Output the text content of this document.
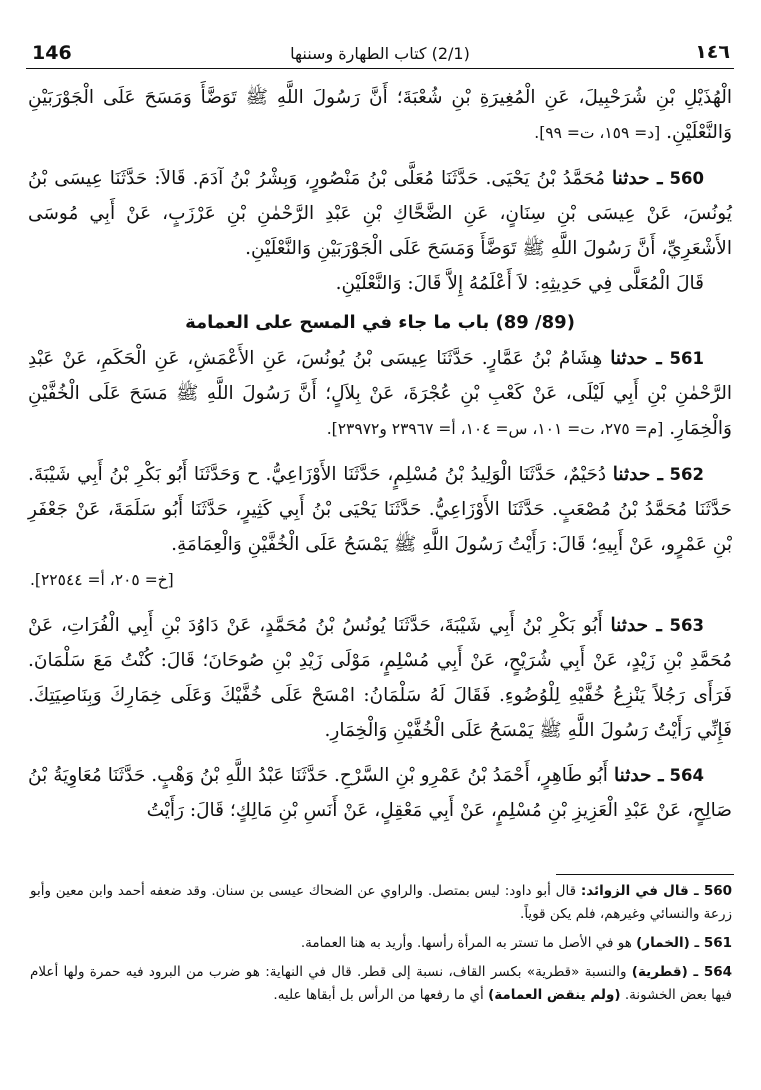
146	(2/1) كتاب الطهارة وسننها	١٤٦

الْهُذَيْلِ بْنِ شُرَحْبِيلَ، عَنِ الْمُغِيرَةِ بْنِ شُعْبَةَ؛ أَنَّ رَسُولَ اللَّهِ ﷺ تَوَضَّأَ وَمَسَحَ عَلَى الْجَوْرَبَيْنِ وَالنَّعْلَيْنِ. [د= ١٥٩، ت= ٩٩].

560 ـ حدثنا مُحَمَّدُ بْنُ يَحْيَى. حَدَّثَنَا مُعَلَّى بْنُ مَنْصُورٍ، وَبِشْرُ بْنُ آدَمَ. قَالاَ: حَدَّثَنَا عِيسَى بْنُ يُونُسَ، عَنْ عِيسَى بْنِ سِنَانٍ، عَنِ الضَّحَّاكِ بْنِ عَبْدِ الرَّحْمٰنِ بْنِ عَرْزَبٍ، عَنْ أَبِي مُوسَى الأَشْعَرِيِّ، أَنَّ رَسُولَ اللَّهِ ﷺ تَوَضَّأَ وَمَسَحَ عَلَى الْجَوْرَبَيْنِ وَالنَّعْلَيْنِ.

قَالَ الْمُعَلَّى فِي حَدِيثِهِ: لاَ أَعْلَمُهُ إِلاَّ قَالَ: وَالنَّعْلَيْنِ.

(89/ 89) باب ما جاء في المسح على العمامة

561 ـ حدثنا هِشَامُ بْنُ عَمَّارٍ. حَدَّثَنَا عِيسَى بْنُ يُونُسَ، عَنِ الأَعْمَشِ، عَنِ الْحَكَمِ، عَنْ عَبْدِ الرَّحْمٰنِ بْنِ أَبِي لَيْلَى، عَنْ كَعْبِ بْنِ عُجْرَةَ، عَنْ بِلاَلٍ؛ أَنَّ رَسُولَ اللَّهِ ﷺ مَسَحَ عَلَى الْخُفَّيْنِ وَالْخِمَارِ. [م= ٢٧٥، ت= ١٠١، س= ١٠٤، أ= ٢٣٩٦٧ و٢٣٩٧٢].

562 ـ حدثنا دُحَيْمٌ، حَدَّثَنَا الْوَلِيدُ بْنُ مُسْلِمٍ، حَدَّثَنَا الأَوْزَاعِيُّ. ح وَحَدَّثَنَا أَبُو بَكْرِ بْنُ أَبِي شَيْبَةَ. حَدَّثَنَا مُحَمَّدُ بْنُ مُصْعَبٍ. حَدَّثَنَا الأَوْزَاعِيُّ. حَدَّثَنَا يَحْيَى بْنُ أَبِي كَثِيرٍ، حَدَّثَنَا أَبُو سَلَمَةَ، عَنْ جَعْفَرِ بْنِ عَمْرٍو، عَنْ أَبِيهِ؛ قَالَ: رَأَيْتُ رَسُولَ اللَّهِ ﷺ يَمْسَحُ عَلَى الْخُفَّيْنِ وَالْعِمَامَةِ.

[خ= ٢٠٥، أ= ٢٢٥٤٤].

563 ـ حدثنا أَبُو بَكْرِ بْنُ أَبِي شَيْبَةَ، حَدَّثَنَا يُونُسُ بْنُ مُحَمَّدٍ، عَنْ دَاوُدَ بْنِ أَبِي الْفُرَاتِ، عَنْ مُحَمَّدِ بْنِ زَيْدٍ، عَنْ أَبِي شُرَيْحٍ، عَنْ أَبِي مُسْلِمٍ، مَوْلَى زَيْدِ بْنِ صُوحَانَ؛ قَالَ: كُنْتُ مَعَ سَلْمَانَ. فَرَأَى رَجُلاً يَنْزِعُ خُفَّيْهِ لِلْوُضُوءِ. فَقَالَ لَهُ سَلْمَانُ: امْسَحْ عَلَى خُفَّيْكَ وَعَلَى خِمَارِكَ وَبِنَاصِيَتِكَ. فَإِنِّي رَأَيْتُ رَسُولَ اللَّهِ ﷺ يَمْسَحُ عَلَى الْخُفَّيْنِ وَالْخِمَارِ.

564 ـ حدثنا أَبُو طَاهِرٍ، أَحْمَدُ بْنُ عَمْرِو بْنِ السَّرْحِ. حَدَّثَنَا عَبْدُ اللَّهِ بْنُ وَهْبٍ. حَدَّثَنَا مُعَاوِيَةُ بْنُ صَالِحٍ، عَنْ عَبْدِ الْعَزِيزِ بْنِ مُسْلِمٍ، عَنْ أَبِي مَعْقِلٍ، عَنْ أَنَسِ بْنِ مَالِكٍ؛ قَالَ: رَأَيْتُ

560 ـ قال في الزوائد: قال أبو داود: ليس بمتصل. والراوي عن الضحاك عيسى بن سنان. وقد ضعفه أحمد وابن معين وأبو زرعة والنسائي وغيرهم، فلم يكن قوياً.

561 ـ (الخمار) هو في الأصل ما تستر به المرأة رأسها. وأريد به هنا العمامة.

564 ـ (قطرية) والنسبة «قطرية» بكسر القاف، نسبة إلى قطر. قال في النهاية: هو ضرب من البرود فيه حمرة ولها أعلام فيها بعض الخشونة. (ولم ينقض العمامة) أي ما رفعها من الرأس بل أبقاها عليه.
